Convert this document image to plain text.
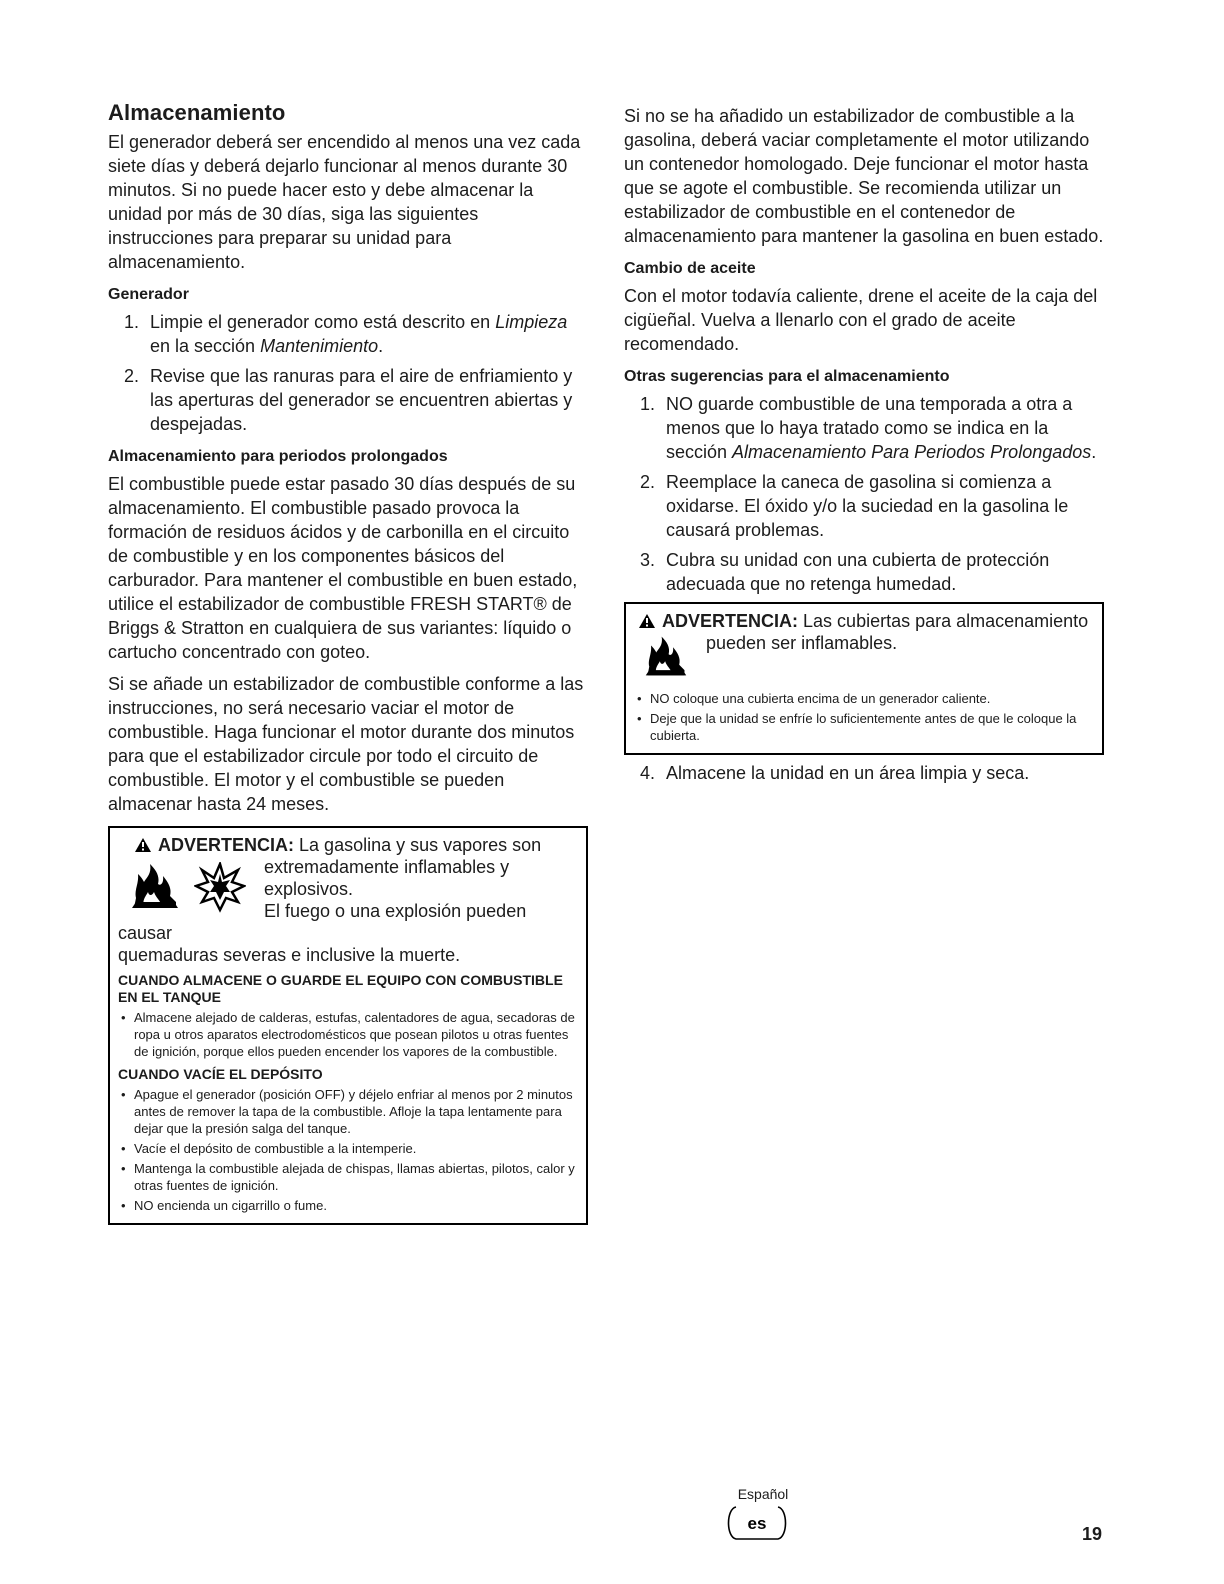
Almacenamiento

El generador deberá ser encendido al menos una vez cada siete días y deberá dejarlo funcionar al menos durante 30 minutos. Si no puede hacer esto y debe almacenar la unidad por más de 30 días, siga las siguientes instrucciones para preparar su unidad para almacenamiento.

Generador
1. Limpie el generador como está descrito en Limpieza en la sección Mantenimiento.
2. Revise que las ranuras para el aire de enfriamiento y las aperturas del generador se encuentren abiertas y despejadas.
Almacenamiento para periodos prolongados

El combustible puede estar pasado 30 días después de su almacenamiento. El combustible pasado provoca la formación de residuos ácidos y de carbonilla en el circuito de combustible y en los componentes básicos del carburador. Para mantener el combustible en buen estado, utilice el estabilizador de combustible FRESH START® de Briggs & Stratton en cualquiera de sus variantes: líquido o cartucho concentrado con goteo.

Si se añade un estabilizador de combustible conforme a las instrucciones, no será necesario vaciar el motor de combustible. Haga funcionar el motor durante dos minutos para que el estabilizador circule por todo el circuito de combustible. El motor y el combustible se pueden almacenar hasta 24 meses.

ADVERTENCIA: La gasolina y sus vapores son
extremadamente inflamables y
explosivos.
El fuego o una explosión pueden causar
quemaduras severas e inclusive la muerte.
CUANDO ALMACENE O GUARDE EL EQUIPO CON COMBUSTIBLE EN EL TANQUE
• Almacene alejado de calderas, estufas, calentadores de agua, secadoras de ropa u otros aparatos electrodomésticos que posean pilotos u otras fuentes de ignición, porque ellos pueden encender los vapores de la combustible.
CUANDO VACÍE EL DEPÓSITO
• Apague el generador (posición OFF) y déjelo enfriar al menos por 2 minutos antes de remover la tapa de la combustible. Afloje la tapa lentamente para dejar que la presión salga del tanque.
• Vacíe el depósito de combustible a la intemperie.
• Mantenga la combustible alejada de chispas, llamas abiertas, pilotos, calor y otras fuentes de ignición.
• NO encienda un cigarrillo o fume.

Si no se ha añadido un estabilizador de combustible a la gasolina, deberá vaciar completamente el motor utilizando un contenedor homologado. Deje funcionar el motor hasta que se agote el combustible. Se recomienda utilizar un estabilizador de combustible en el contenedor de almacenamiento para mantener la gasolina en buen estado.

Cambio de aceite

Con el motor todavía caliente, drene el aceite de la caja del cigüeñal. Vuelva a llenarlo con el grado de aceite recomendado.

Otras sugerencias para el almacenamiento
1. NO guarde combustible de una temporada a otra a menos que lo haya tratado como se indica en la sección Almacenamiento Para Periodos Prolongados.
2. Reemplace la caneca de gasolina si comienza a oxidarse. El óxido y/o la suciedad en la gasolina le causará problemas.
3. Cubra su unidad con una cubierta de protección adecuada que no retenga humedad.
ADVERTENCIA: Las cubiertas para almacenamiento
pueden ser inflamables.
• NO coloque una cubierta encima de un generador caliente.
• Deje que la unidad se enfríe lo suficientemente antes de que le coloque la cubierta.
4. Almacene la unidad en un área limpia y seca.
Español
es
19
